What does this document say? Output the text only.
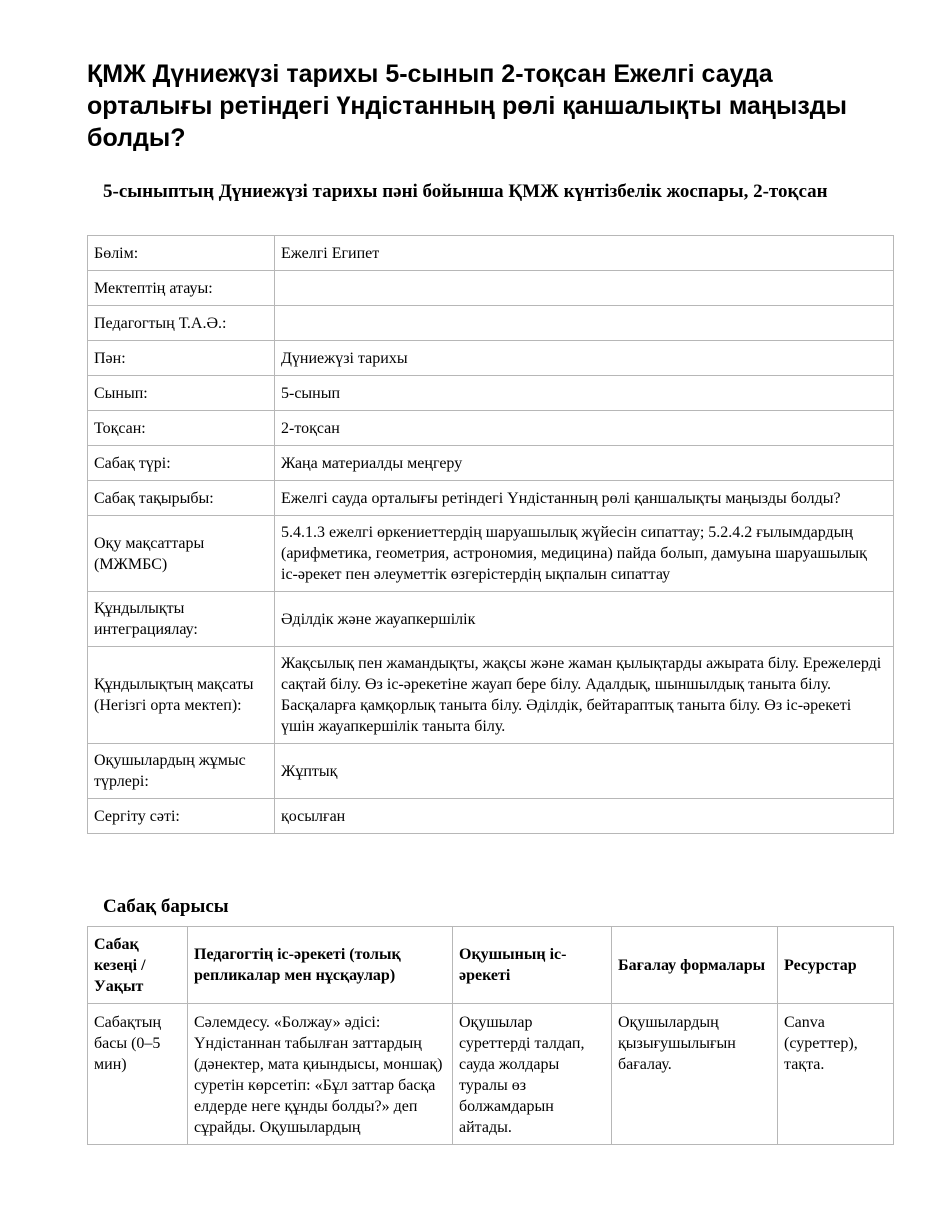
ҚМЖ Дүниежүзі тарихы 5-сынып 2-тоқсан Ежелгі сауда орталығы ретіндегі Үндістанның рөлі қаншалықты маңызды болды?
5-сыныптың Дүниежүзі тарихы пәні бойынша ҚМЖ күнтізбелік жоспары, 2-тоқсан
Бөлім:	Ежелгі Египет
Мектептің атауы:	
Педагогтың Т.А.Ә.:	
Пән:	Дүниежүзі тарихы
Сынып:	5-сынып
Тоқсан:	2-тоқсан
Сабақ түрі:	Жаңа материалды меңгеру
Сабақ тақырыбы:	Ежелгі сауда орталығы ретіндегі Үндістанның рөлі қаншалықты маңызды болды?
Оқу мақсаттары (МЖМБС)	5.4.1.3 ежелгі өркениеттердің шаруашылық жүйесін сипаттау; 5.2.4.2 ғылымдардың (арифметика, геометрия, астрономия, медицина) пайда болып, дамуына шаруашылық іс-әрекет пен әлеуметтік өзгерістердің ықпалын сипаттау
Құндылықты интеграциялау:	Әділдік және жауапкершілік
Құндылықтың мақсаты (Негізгі орта мектеп):	Жақсылық пен жамандықты, жақсы және жаман қылықтарды ажырата білу. Ережелерді сақтай білу. Өз іс-әрекетіне жауап бере білу. Адалдық, шыншылдық таныта білу. Басқаларға қамқорлық таныта білу. Әділдік, бейтараптық таныта білу. Өз іс-әрекеті үшін жауапкершілік таныта білу.
Оқушылардың жұмыс түрлері:	Жұптық
Сергіту сәті:	қосылған
Сабақ барысы
Сабақ кезеңі / Уақыт	Педагогтің іс-әрекеті (толық репликалар мен нұсқаулар)	Оқушының іс-әрекеті	Бағалау формалары	Ресурстар
Сабақтың басы (0–5 мин)	Сәлемдесу. «Болжау» әдісі: Үндістаннан табылған заттардың (дәнектер, мата қиындысы, моншақ) суретін көрсетіп: «Бұл заттар басқа елдерде неге құнды болды?» деп сұрайды. Оқушылардың	Оқушылар суреттерді талдап, сауда жолдары туралы өз болжамдарын айтады.	Оқушылардың қызығушылығын бағалау.	Canva (суреттер), тақта.
